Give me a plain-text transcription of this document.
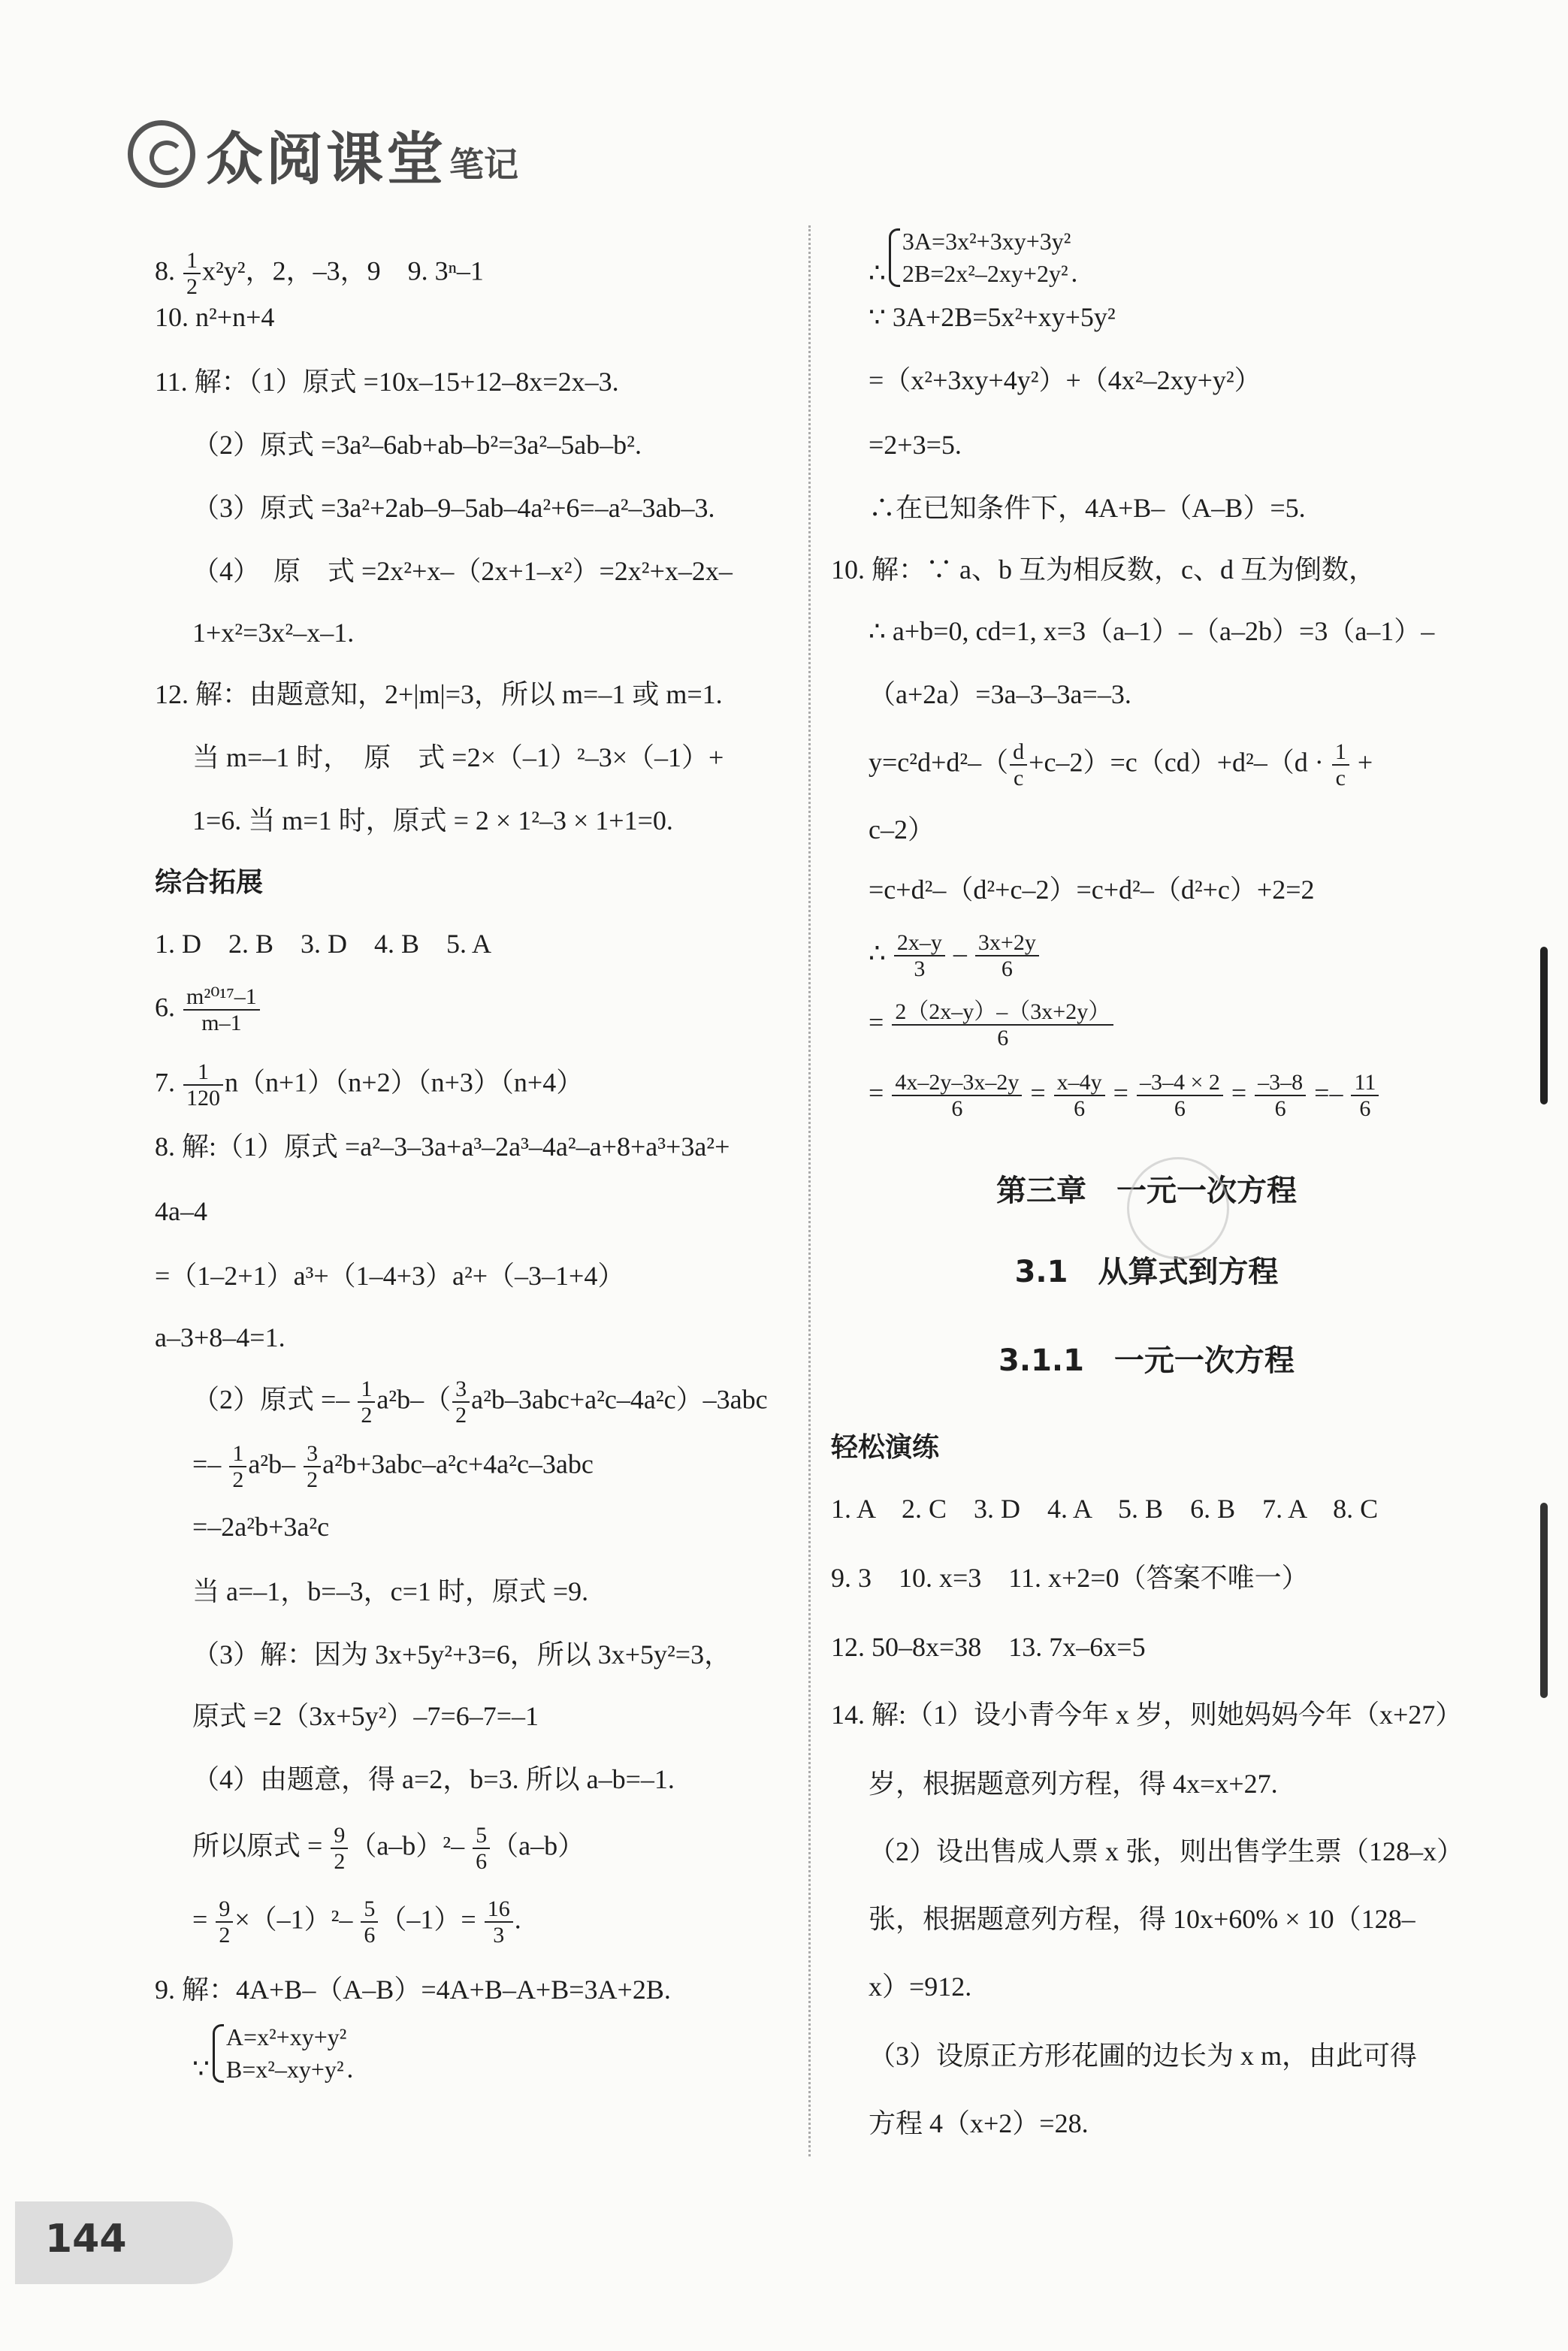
众阅课堂 笔记
8. $\frac{1}{2} x^2y^2$，2，–3，9　9. 3ⁿ–1
10. n²+n+4
11. 解：（1）原式 =10x–15+12–8x=2x–3.
（2）原式 =3a²–6ab+ab–b²=3a²–5ab–b².
（3）原式 =3a²+2ab–9–5ab–4a²+6=–a²–3ab–3.
（4）　原　式 =2x²+x–（2x+1–x²）=2x²+x–2x–
1+x²=3x²–x–1.
12. 解：由题意知，2+|m|=3，所以 m=–1 或 m=1.
当 m=–1 时，　原　式 =2×（–1）²–3×（–1）+
1=6. 当 m=1 时，原式 = 2 × 1²–3 × 1+1=0.
综合拓展
1. D　2. B　3. D　4. B　5. A
6. $\frac{\text{m²⁰¹⁷–1}}{m-1}$
7. $\frac{1}{120} n(n+1)(n+2)(n+3)(n+4)$
8. 解:（1）原式 =a²–3–3a+a³–2a³–4a²–a+8+a³+3a²+
4a–4
=（1–2+1）a³+（1–4+3）a²+（–3–1+4）
a–3+8–4=1.
（2）原式 =– $\frac{1}{2} a^2b-( \frac{3}{2} a^2b-3abc+a^2c-4a^2c)-3abc$
=– $\frac{1}{2} a^2b- \frac{3}{2} a^2b+3abc-a^2c+4a^2c-3abc$
=–2a²b+3a²c
当 a=–1，b=–3，c=1 时，原式 =9.
（3）解：因为 3x+5y²+3=6，所以 3x+5y²=3，
原式 =2（3x+5y²）–7=6–7=–1
（4）由题意，得 a=2，b=3. 所以 a–b=–1.
所以原式 = $\frac{9}{2} (a-b)^2- \frac{5}{6} (a-b)$
= $\frac{9}{2} \times(-1)^2- \frac{5}{6} (-1)= \frac{16}{3}$ .
9. 解：4A+B–（A–B）=4A+B–A+B=3A+2B.
∵
A=x²+xy+y²
B=x²–xy+y² .
∴
3A=3x²+3xy+3y²
2B=2x²–2xy+2y² .
∵ 3A+2B=5x²+xy+5y²
=（x²+3xy+4y²）+（4x²–2xy+y²）
=2+3=5.
∴在已知条件下，4A+B–（A–B）=5.
10. 解：∵ a、b 互为相反数，c、d 互为倒数，
∴ a+b=0, cd=1, x=3（a–1）–（a–2b）=3（a–1）–
（a+2a）=3a–3–3a=–3.
$y=c^2d+d^2-( \frac{d}{c} +c-2)=c(cd)+d^2-(d \cdot \frac{1}{c}$ +
c–2）
=c+d²–（d²+c–2）=c+d²–（d²+c）+2=2
∴ $\frac{2x-y}{3} - \frac{3x+2y}{6}$
= $\frac{2(2x-y)-(3x+2y)}{6}$
= $\frac{4x-2y-3x-2y}{6} = \frac{x-4y}{6} = \frac{-3-4 \times 2}{6} = \frac{-3-8}{6} =- \frac{11}{6}$
第三章　一元一次方程
3.1　从算式到方程
3.1.1　一元一次方程
轻松演练
1. A　2. C　3. D　4. A　5. B　6. B　7. A　8. C
9. 3　10. x=3　11. x+2=0（答案不唯一）
12. 50–8x=38　13. 7x–6x=5
14. 解:（1）设小青今年 x 岁，则她妈妈今年（x+27）
岁，根据题意列方程，得 4x=x+27.
（2）设出售成人票 x 张，则出售学生票（128–x）
张，根据题意列方程，得 10x+60% × 10（128–
x）=912.
（3）设原正方形花圃的边长为 x m，由此可得
方程 4（x+2）=28.
144
